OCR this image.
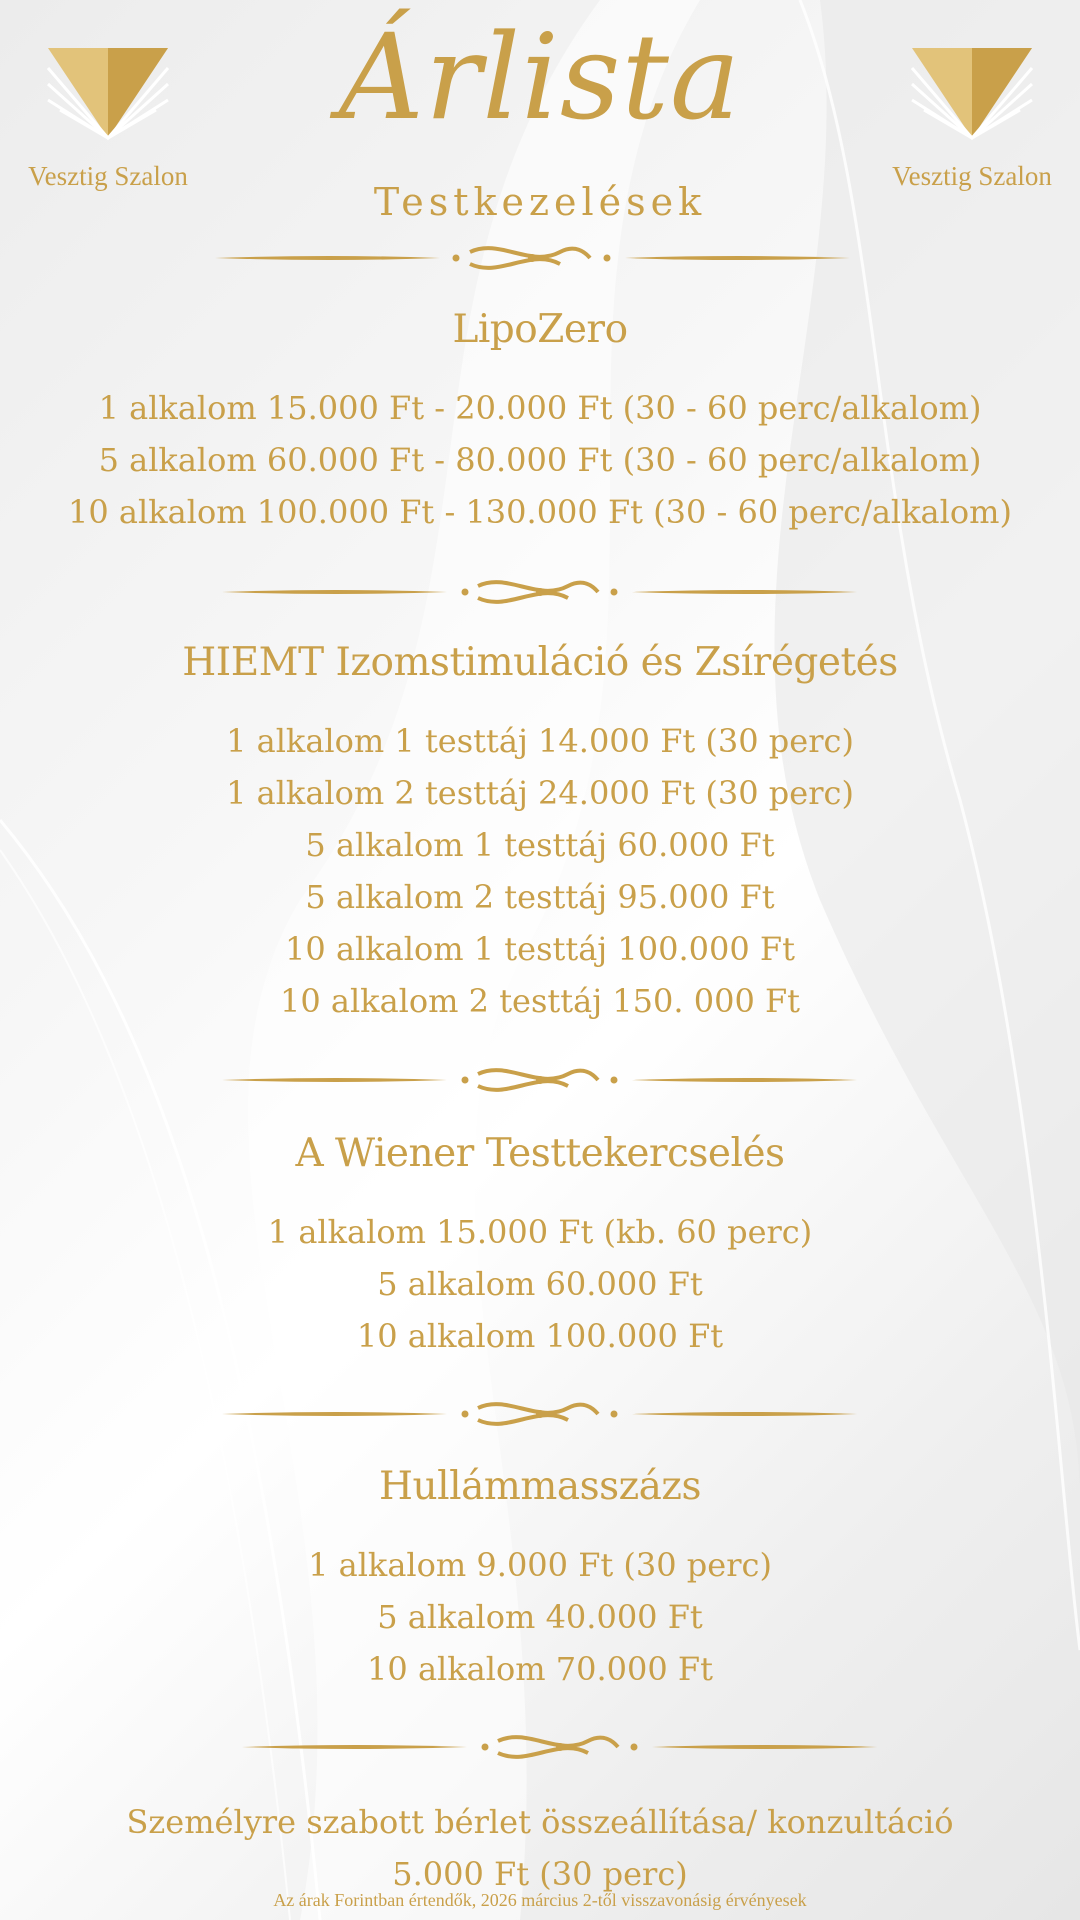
Vesztig Szalon	Vesztig Szalon
Árlista
Testkezelések
LipoZero
1 alkalom 15.000 Ft - 20.000 Ft (30 - 60 perc/alkalom)
5 alkalom 60.000 Ft - 80.000 Ft (30 - 60 perc/alkalom)
10 alkalom 100.000 Ft - 130.000 Ft (30 - 60 perc/alkalom)
HIEMT Izomstimuláció és Zsírégetés
1 alkalom 1 testtáj 14.000 Ft (30 perc)
1 alkalom 2 testtáj 24.000 Ft (30 perc)
5 alkalom 1 testtáj 60.000 Ft
5 alkalom 2 testtáj 95.000 Ft
10 alkalom 1 testtáj 100.000 Ft
10 alkalom 2 testtáj 150. 000 Ft
A Wiener Testtekercselés
1 alkalom 15.000 Ft (kb. 60 perc)
5 alkalom 60.000 Ft
10 alkalom 100.000 Ft
Hullámmasszázs
1 alkalom 9.000 Ft (30 perc)
5 alkalom 40.000 Ft
10 alkalom 70.000 Ft
Személyre szabott bérlet összeállítása/ konzultáció
5.000 Ft (30 perc)
Az árak Forintban értendők, 2026 március 2-től visszavonásig érvényesek
